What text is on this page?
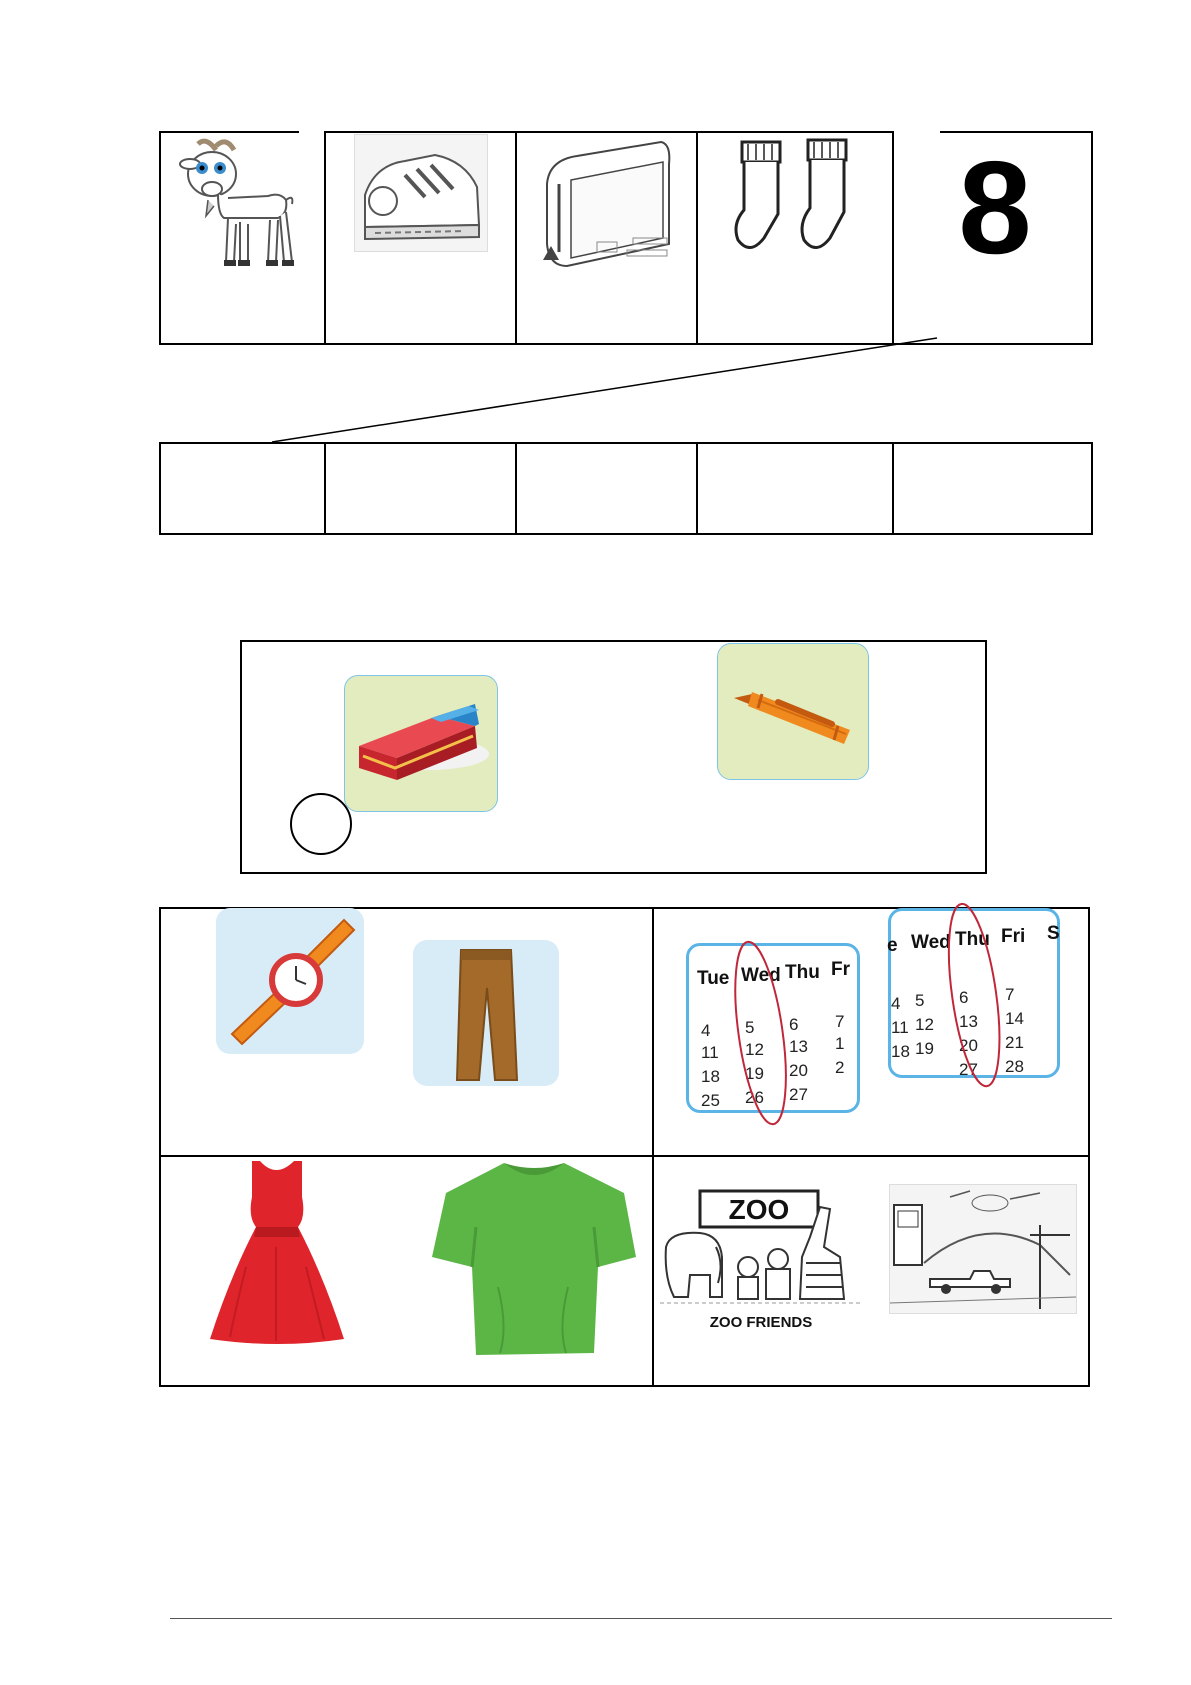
8
Tue Wed Thu Fr
4 5 6 7
11 12 13 1
18 19 20 2
25 26 27
e Wed Thu Fri S
4 5 6 7
11 12 13 14
18 19 20 21
27 28
ZOO
ZOO FRIENDS
